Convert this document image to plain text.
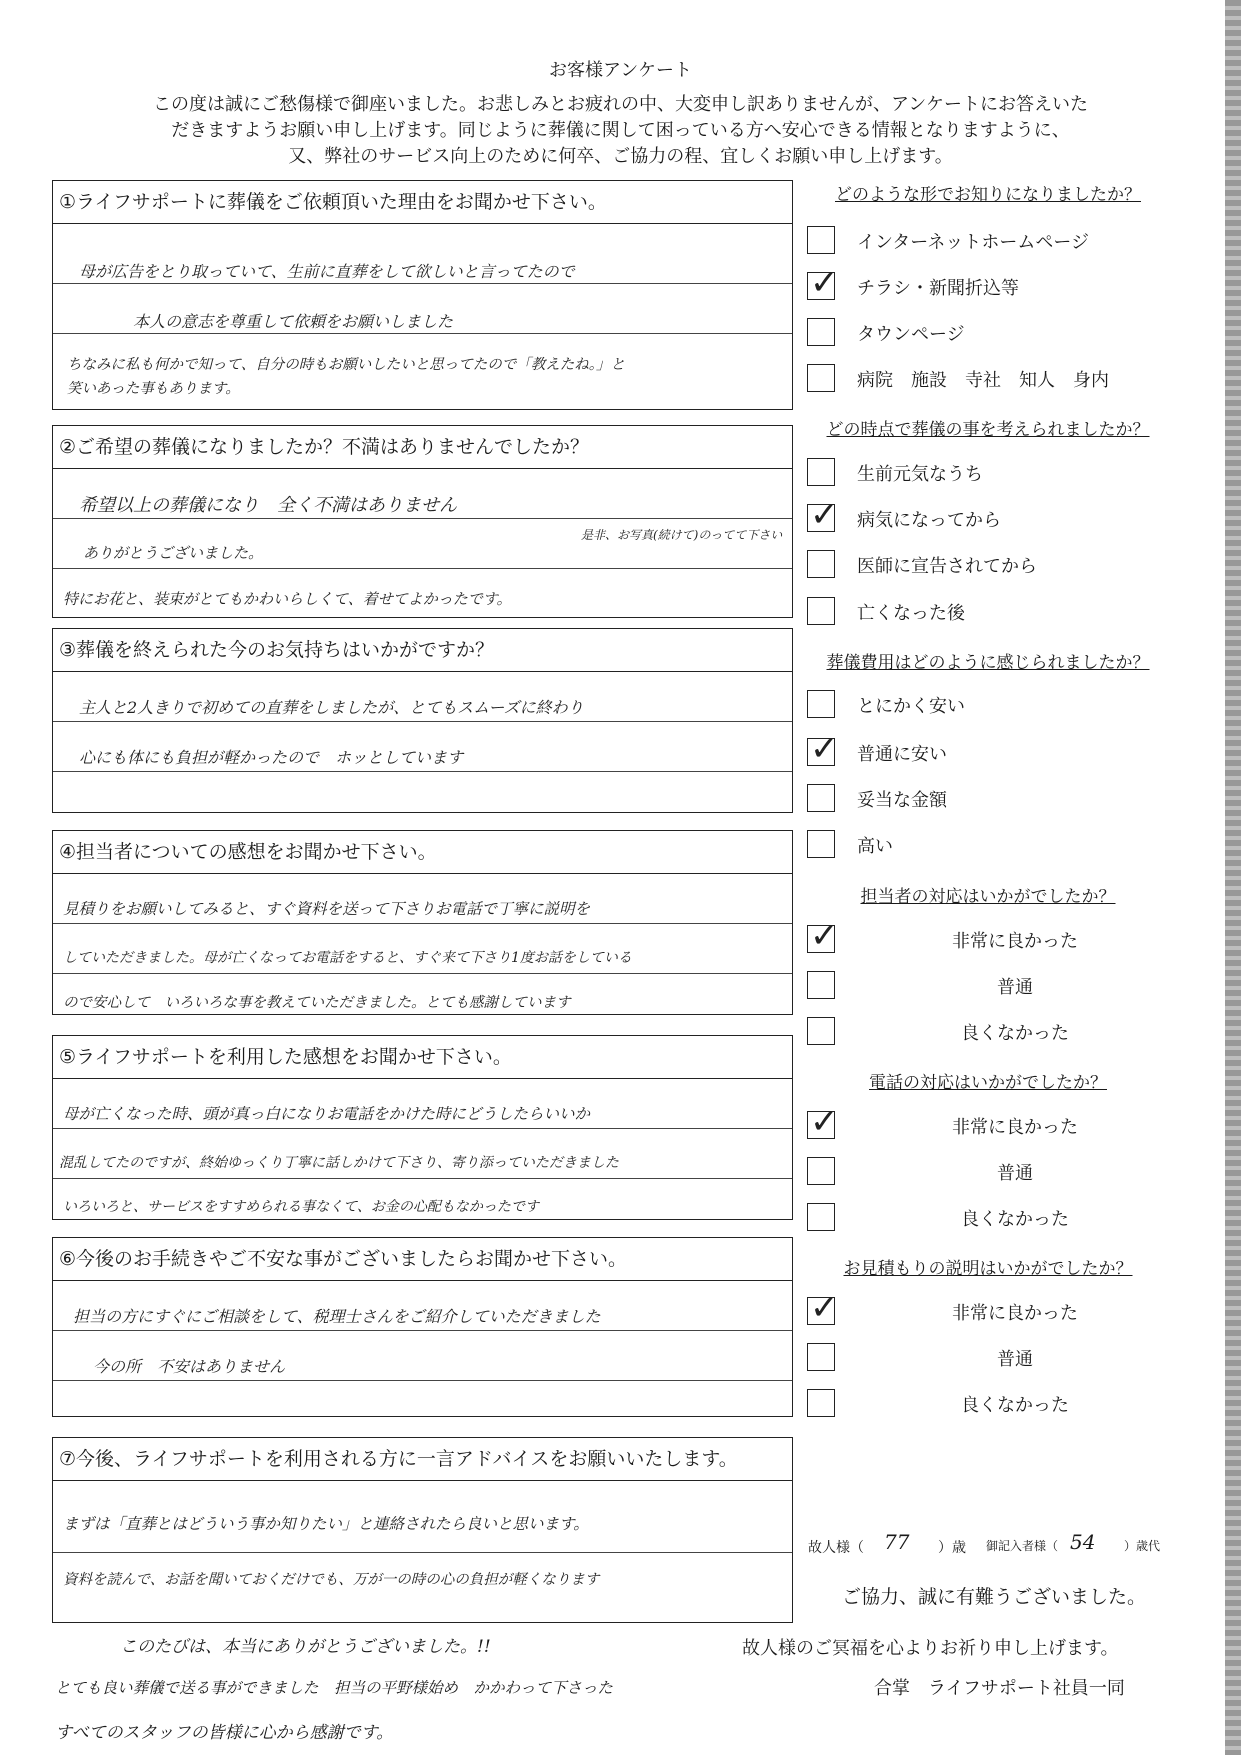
お客様アンケート
この度は誠にご愁傷様で御座いました。お悲しみとお疲れの中、大変申し訳ありませんが、アンケートにお答えいた
だきますようお願い申し上げます。同じように葬儀に関して困っている方へ安心できる情報となりますように、
又、弊社のサービス向上のために何卒、ご協力の程、宜しくお願い申し上げます。
①ライフサポートに葬儀をご依頼頂いた理由をお聞かせ下さい。
母が広告をとり取っていて、生前に直葬をして欲しいと言ってたので
本人の意志を尊重して依頼をお願いしました
ちなみに私も何かで知って、自分の時もお願いしたいと思ってたので「教えたね。」と
笑いあった事もあります。
②ご希望の葬儀になりましたか？不満はありませんでしたか？
希望以上の葬儀になり　全く不満はありません
ありがとうございました。
是非、お写真(続けて)のってて下さい
特にお花と、装束がとてもかわいらしくて、着せてよかったです。
③葬儀を終えられた今のお気持ちはいかがですか？
主人と2人きりで初めての直葬をしましたが、とてもスムーズに終わり
心にも体にも負担が軽かったので　ホッとしています
④担当者についての感想をお聞かせ下さい。
見積りをお願いしてみると、すぐ資料を送って下さりお電話で丁寧に説明を
していただきました。母が亡くなってお電話をすると、すぐ来て下さり1度お話をしている
ので安心して　いろいろな事を教えていただきました。とても感謝しています
⑤ライフサポートを利用した感想をお聞かせ下さい。
母が亡くなった時、頭が真っ白になりお電話をかけた時にどうしたらいいか
混乱してたのですが、終始ゆっくり丁寧に話しかけて下さり、寄り添っていただきました
いろいろと、サービスをすすめられる事なくて、お金の心配もなかったです
⑥今後のお手続きやご不安な事がございましたらお聞かせ下さい。
担当の方にすぐにご相談をして、税理士さんをご紹介していただきました
今の所　不安はありません
⑦今後、ライフサポートを利用される方に一言アドバイスをお願いいたします。
まずは「直葬とはどういう事か知りたい」と連絡されたら良いと思います。
資料を読んで、お話を聞いておくだけでも、万が一の時の心の負担が軽くなります
どのような形でお知りになりましたか？
インターネットホームページ
✓
チラシ・新聞折込等
タウンページ
病院　施設　寺社　知人　身内
どの時点で葬儀の事を考えられましたか？
生前元気なうち
✓
病気になってから
医師に宣告されてから
亡くなった後
葬儀費用はどのように感じられましたか？
とにかく安い
✓
普通に安い
妥当な金額
高い
担当者の対応はいかがでしたか？
✓
非常に良かった
普通
良くなかった
電話の対応はいかがでしたか？
✓
非常に良かった
普通
良くなかった
お見積もりの説明はいかがでしたか？
✓
非常に良かった
普通
良くなかった
故人様（ 77 ）歳 御記入者様（ 54 ）歳代
ご協力、誠に有難うございました。
故人様のご冥福を心よりお祈り申し上げます。
合掌　ライフサポート社員一同
このたびは、本当にありがとうございました。!!
とても良い葬儀で送る事ができました　担当の平野様始め　かかわって下さった
すべてのスタッフの皆様に心から感謝です。
